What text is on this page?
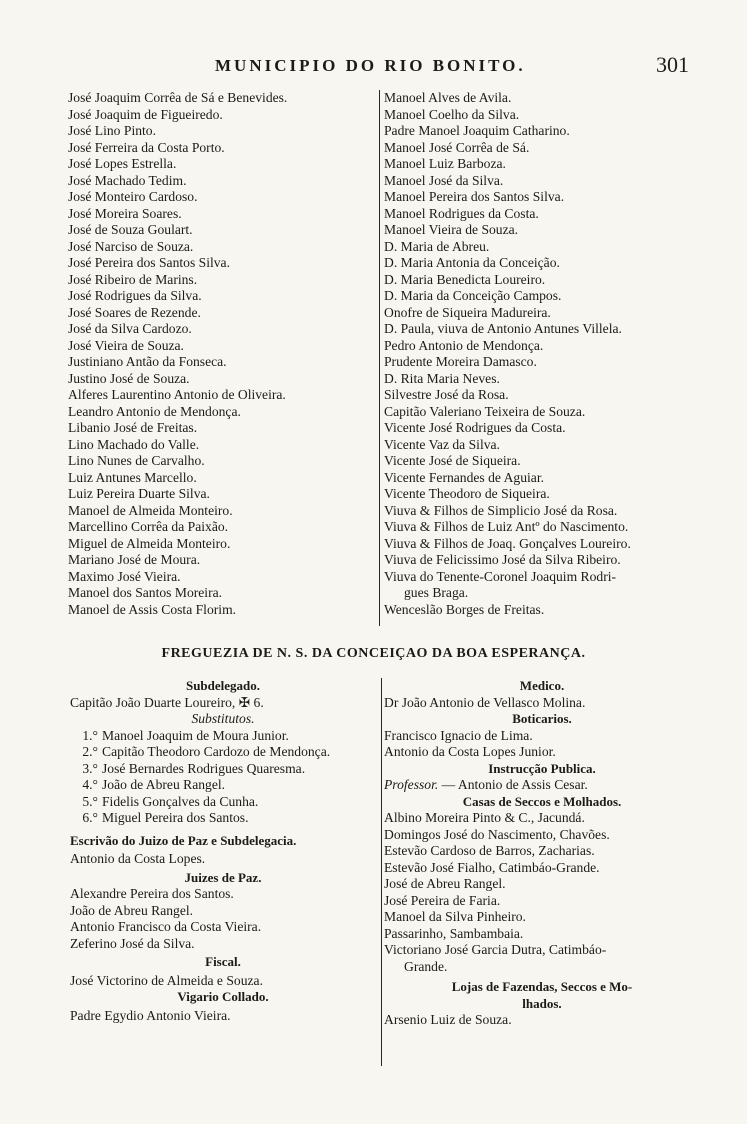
MUNICIPIO DO RIO BONITO.	301
José Joaquim Corrêa de Sá e Benevides.
José Joaquim de Figueiredo.
José Lino Pinto.
José Ferreira da Costa Porto.
José Lopes Estrella.
José Machado Tedim.
José Monteiro Cardoso.
José Moreira Soares.
José de Souza Goulart.
José Narciso de Souza.
José Pereira dos Santos Silva.
José Ribeiro de Marins.
José Rodrigues da Silva.
José Soares de Rezende.
José da Silva Cardozo.
José Vieira de Souza.
Justiniano Antão da Fonseca.
Justino José de Souza.
Alferes Laurentino Antonio de Oliveira.
Leandro Antonio de Mendonça.
Libanio José de Freitas.
Lino Machado do Valle.
Lino Nunes de Carvalho.
Luiz Antunes Marcello.
Luiz Pereira Duarte Silva.
Manoel de Almeida Monteiro.
Marcellino Corrêa da Paixão.
Miguel de Almeida Monteiro.
Mariano José de Moura.
Maximo José Vieira.
Manoel dos Santos Moreira.
Manoel de Assis Costa Florim.
Manoel Alves de Avila.
Manoel Coelho da Silva.
Padre Manoel Joaquim Catharino.
Manoel José Corrêa de Sá.
Manoel Luiz Barboza.
Manoel José da Silva.
Manoel Pereira dos Santos Silva.
Manoel Rodrigues da Costa.
Manoel Vieira de Souza.
D. Maria de Abreu.
D. Maria Antonia da Conceição.
D. Maria Benedicta Loureiro.
D. Maria da Conceição Campos.
Onofre de Siqueira Madureira.
D. Paula, viuva de Antonio Antunes Villela.
Pedro Antonio de Mendonça.
Prudente Moreira Damasco.
D. Rita Maria Neves.
Silvestre José da Rosa.
Capitão Valeriano Teixeira de Souza.
Vicente José Rodrigues da Costa.
Vicente Vaz da Silva.
Vicente José de Siqueira.
Vicente Fernandes de Aguiar.
Vicente Theodoro de Siqueira.
Viuva & Filhos de Simplicio José da Rosa.
Viuva & Filhos de Luiz Antº do Nascimento.
Viuva & Filhos de Joaq. Gonçalves Loureiro.
Viuva de Felicissimo José da Silva Ribeiro.
Viuva do Tenente-Coronel Joaquim Rodri-
gues Braga.
Wenceslão Borges de Freitas.
FREGUEZIA DE N. S. DA CONCEIÇAO DA BOA ESPERANÇA.
Subdelegado.
Capitão João Duarte Loureiro, ✠ 6.
Substitutos.
1.° Manoel Joaquim de Moura Junior.
2.° Capitão Theodoro Cardozo de Mendonça.
3.° José Bernardes Rodrigues Quaresma.
4.° João de Abreu Rangel.
5.° Fidelis Gonçalves da Cunha.
6.° Miguel Pereira dos Santos.
Escrivão do Juizo de Paz e Subdelegacia.
Antonio da Costa Lopes.
Juizes de Paz.
Alexandre Pereira dos Santos.
João de Abreu Rangel.
Antonio Francisco da Costa Vieira.
Zeferino José da Silva.
Fiscal.
José Victorino de Almeida e Souza.
Vigario Collado.
Padre Egydio Antonio Vieira.
Medico.
Dr João Antonio de Vellasco Molina.
Boticarios.
Francisco Ignacio de Lima.
Antonio da Costa Lopes Junior.
Instrucção Publica.
Professor. — Antonio de Assis Cesar.
Casas de Seccos e Molhados.
Albino Moreira Pinto & C., Jacundá.
Domingos José do Nascimento, Chavões.
Estevão Cardoso de Barros, Zacharias.
Estevão José Fialho, Catimbáo-Grande.
José de Abreu Rangel.
José Pereira de Faria.
Manoel da Silva Pinheiro.
Passarinho, Sambambaia.
Victoriano José Garcia Dutra, Catimbáo-
Grande.
Lojas de Fazendas, Seccos e Mo-
lhados.
Arsenio Luiz de Souza.
